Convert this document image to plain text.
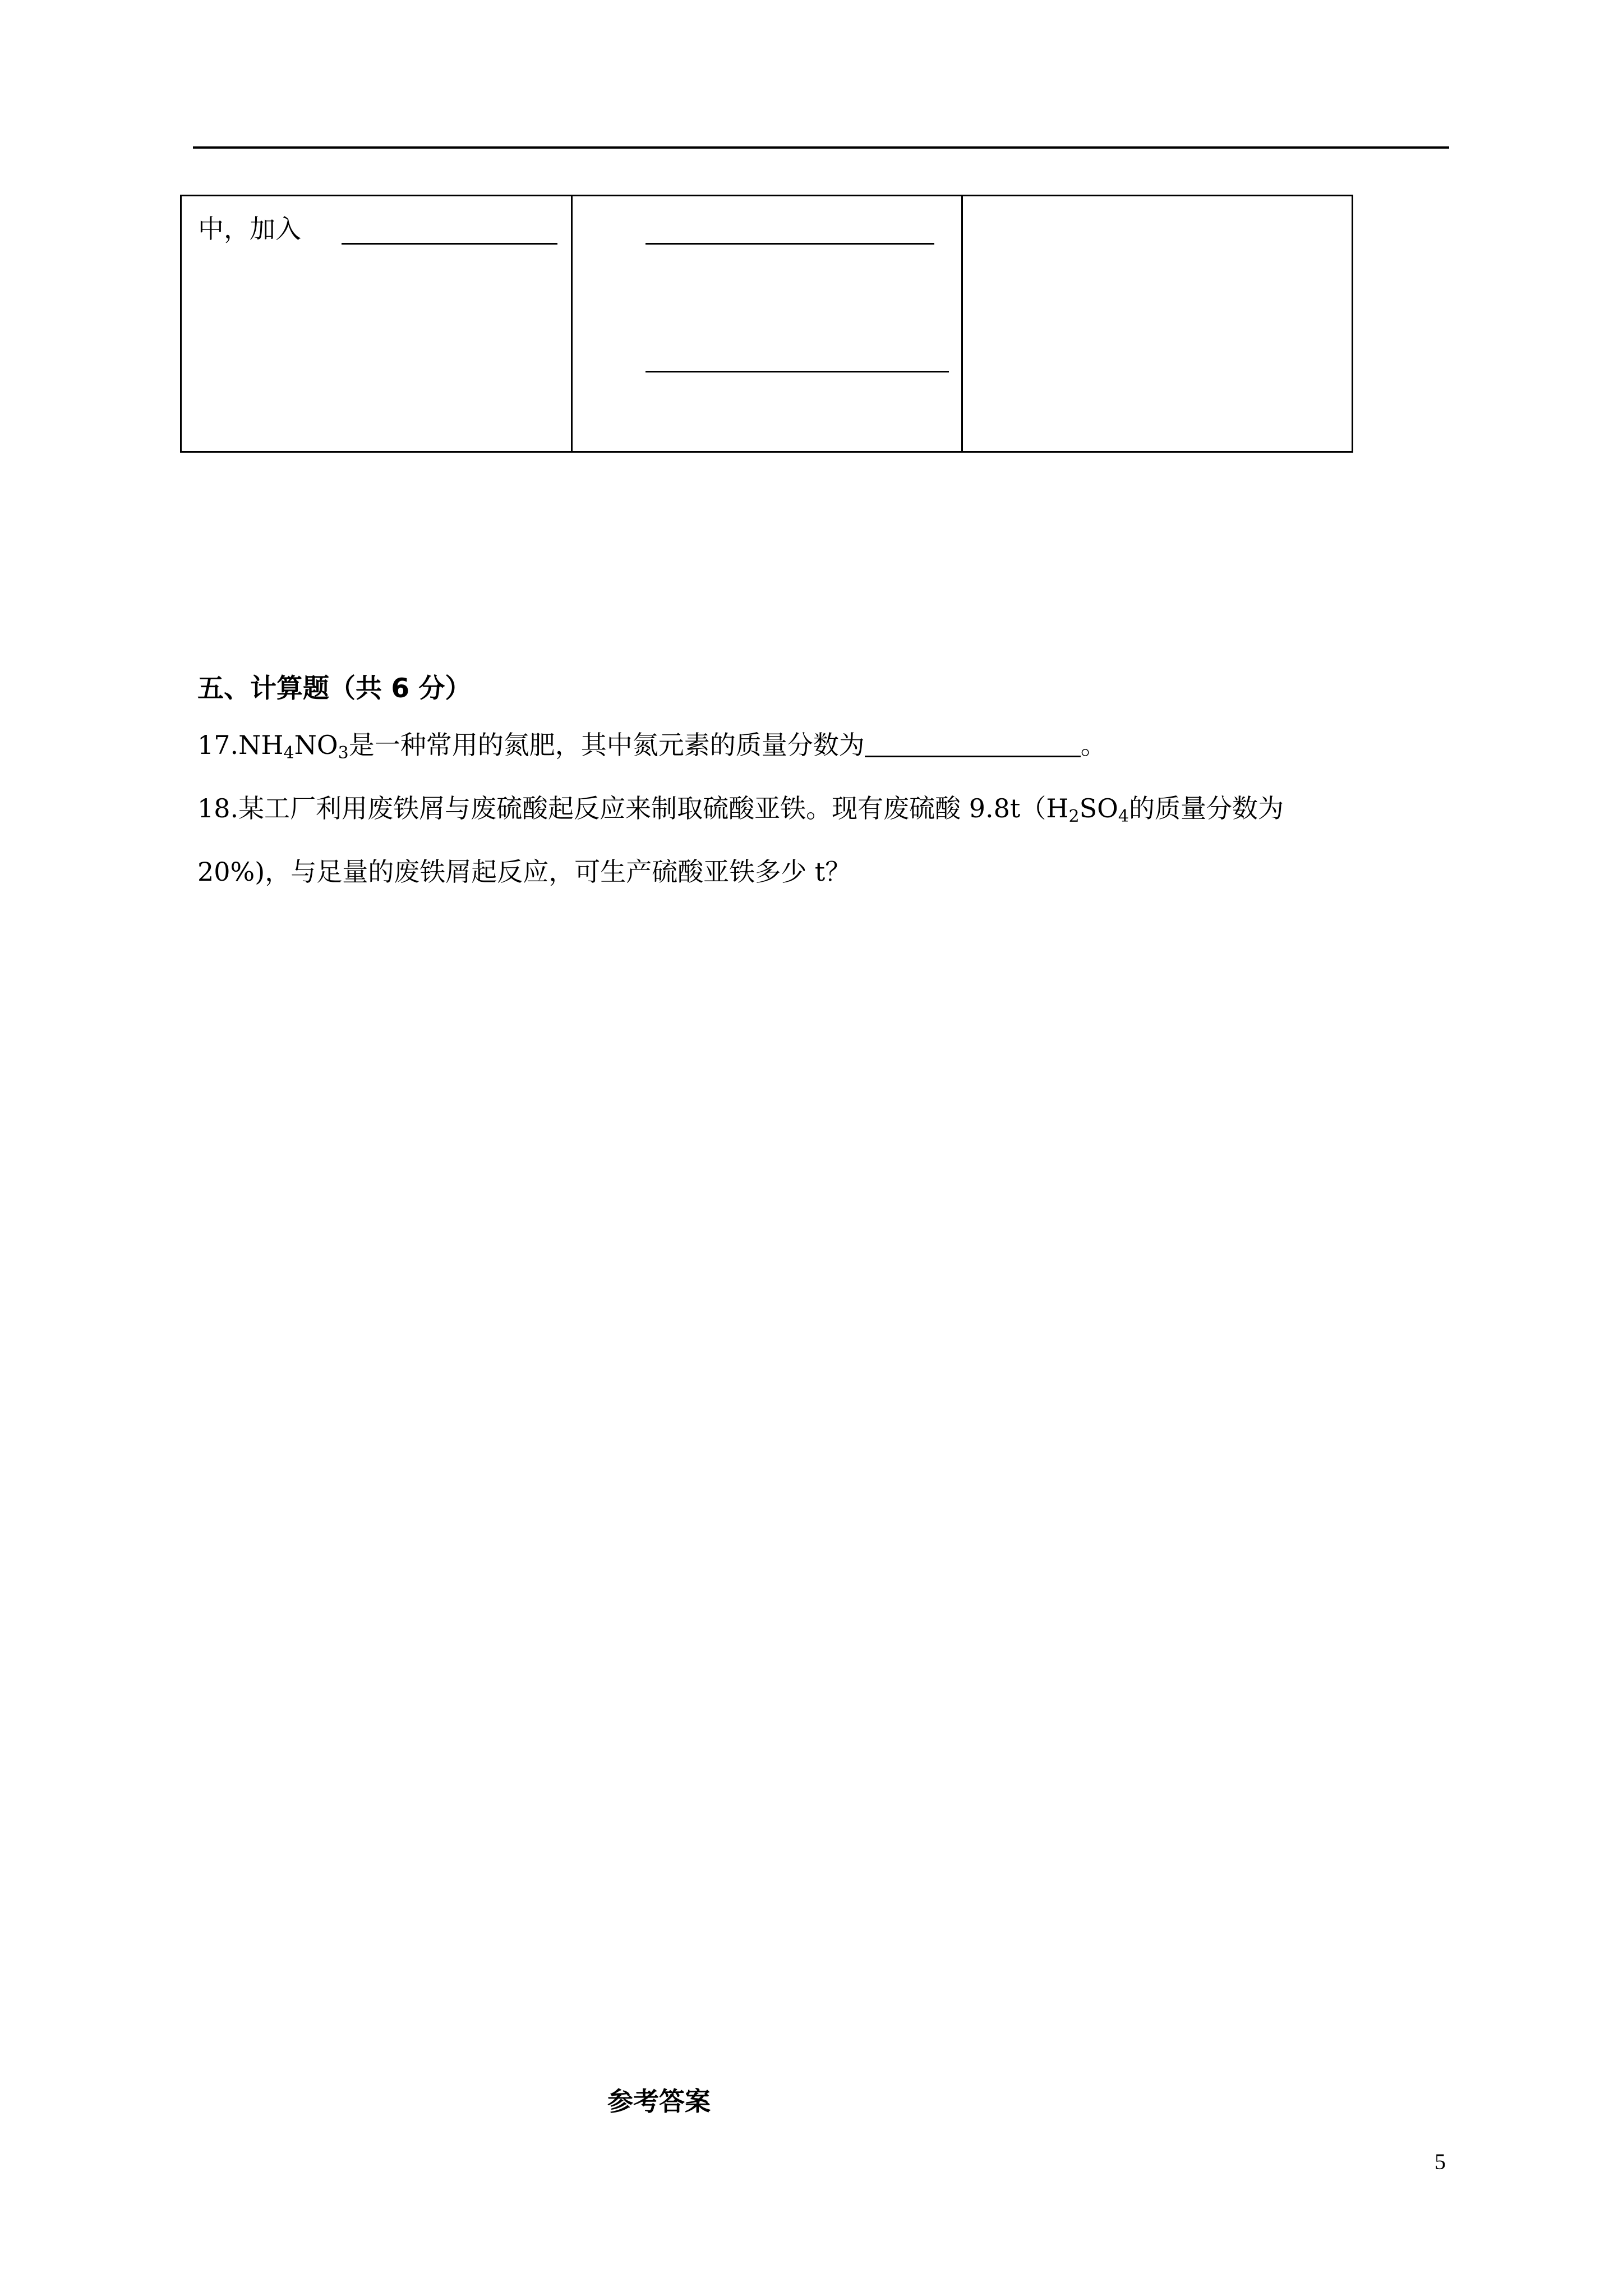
中，加入
五、计算题（共 6 分）
$17.NH_4NO_3$是一种常用的氮肥，其中氮元素的质量分数为	。
18.某工厂利用废铁屑与废硫酸起反应来制取硫酸亚铁。现有废硫酸 $9.8t(H_2SO_4$的质量分数为
20%)，与足量的废铁屑起反应，可生产硫酸亚铁多少 t？
参考答案
5
